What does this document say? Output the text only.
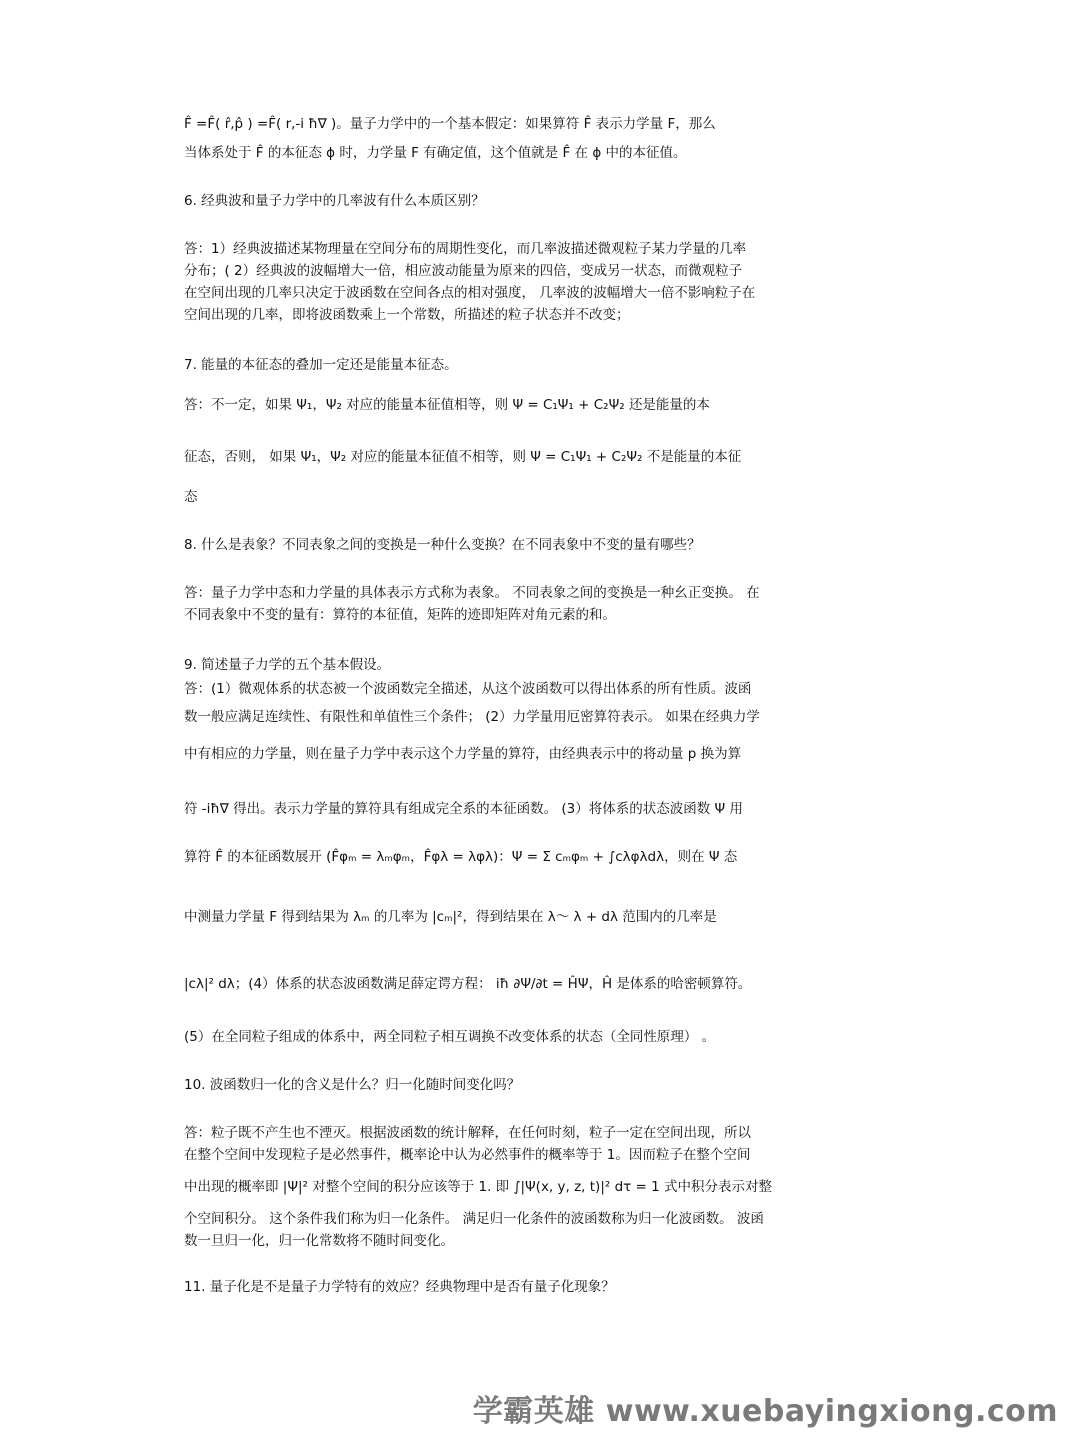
F̂ =F̂( r̂,p̂ ) =F̂( r,-i ħ∇ )。量子力学中的一个基本假定：如果算符 F̂ 表示力学量 F，那么
当体系处于 F̂ 的本征态 ϕ 时，力学量 F 有确定值，这个值就是 F̂ 在 ϕ 中的本征值。
6. 经典波和量子力学中的几率波有什么本质区别？
答：1）经典波描述某物理量在空间分布的周期性变化，而几率波描述微观粒子某力学量的几率
分布；( 2）经典波的波幅增大一倍，相应波动能量为原来的四倍，变成另一状态，而微观粒子
在空间出现的几率只决定于波函数在空间各点的相对强度， 几率波的波幅增大一倍不影响粒子在
空间出现的几率，即将波函数乘上一个常数，所描述的粒子状态并不改变；
7. 能量的本征态的叠加一定还是能量本征态。
答：不一定，如果 Ψ₁，Ψ₂ 对应的能量本征值相等，则 Ψ = C₁Ψ₁ + C₂Ψ₂ 还是能量的本
征态，否则， 如果 Ψ₁，Ψ₂ 对应的能量本征值不相等，则 Ψ = C₁Ψ₁ + C₂Ψ₂ 不是能量的本征
态
8. 什么是表象？不同表象之间的变换是一种什么变换？在不同表象中不变的量有哪些？
答：量子力学中态和力学量的具体表示方式称为表象。 不同表象之间的变换是一种幺正变换。 在
不同表象中不变的量有：算符的本征值，矩阵的迹即矩阵对角元素的和。
9. 简述量子力学的五个基本假设。
答：(1）微观体系的状态被一个波函数完全描述，从这个波函数可以得出体系的所有性质。波函
数一般应满足连续性、有限性和单值性三个条件； (2）力学量用厄密算符表示。 如果在经典力学
中有相应的力学量，则在量子力学中表示这个力学量的算符，由经典表示中的将动量 p 换为算
符 -iħ∇ 得出。表示力学量的算符具有组成完全系的本征函数。 (3）将体系的状态波函数 Ψ 用
算符 F̂ 的本征函数展开 (F̂φₘ = λₘφₘ，F̂φλ = λφλ)：Ψ = Σ cₘφₘ + ∫cλφλdλ，则在 Ψ 态
中测量力学量 F 得到结果为 λₘ 的几率为 |cₘ|²，得到结果在 λ～ λ + dλ 范围内的几率是
|cλ|² dλ；(4）体系的状态波函数满足薛定谔方程： iħ ∂Ψ/∂t = ĤΨ，Ĥ 是体系的哈密顿算符。
(5）在全同粒子组成的体系中，两全同粒子相互调换不改变体系的状态（全同性原理） 。
10. 波函数归一化的含义是什么？归一化随时间变化吗？
答：粒子既不产生也不湮灭。根据波函数的统计解释，在任何时刻，粒子一定在空间出现，所以
在整个空间中发现粒子是必然事件，概率论中认为必然事件的概率等于 1。因而粒子在整个空间
中出现的概率即 |Ψ|² 对整个空间的积分应该等于 1. 即 ∫|Ψ(x, y, z, t)|² dτ = 1 式中积分表示对整
个空间积分。 这个条件我们称为归一化条件。 满足归一化条件的波函数称为归一化波函数。 波函
数一旦归一化，归一化常数将不随时间变化。
11. 量子化是不是量子力学特有的效应？经典物理中是否有量子化现象？
学霸英雄 www.xuebayingxiong.com
